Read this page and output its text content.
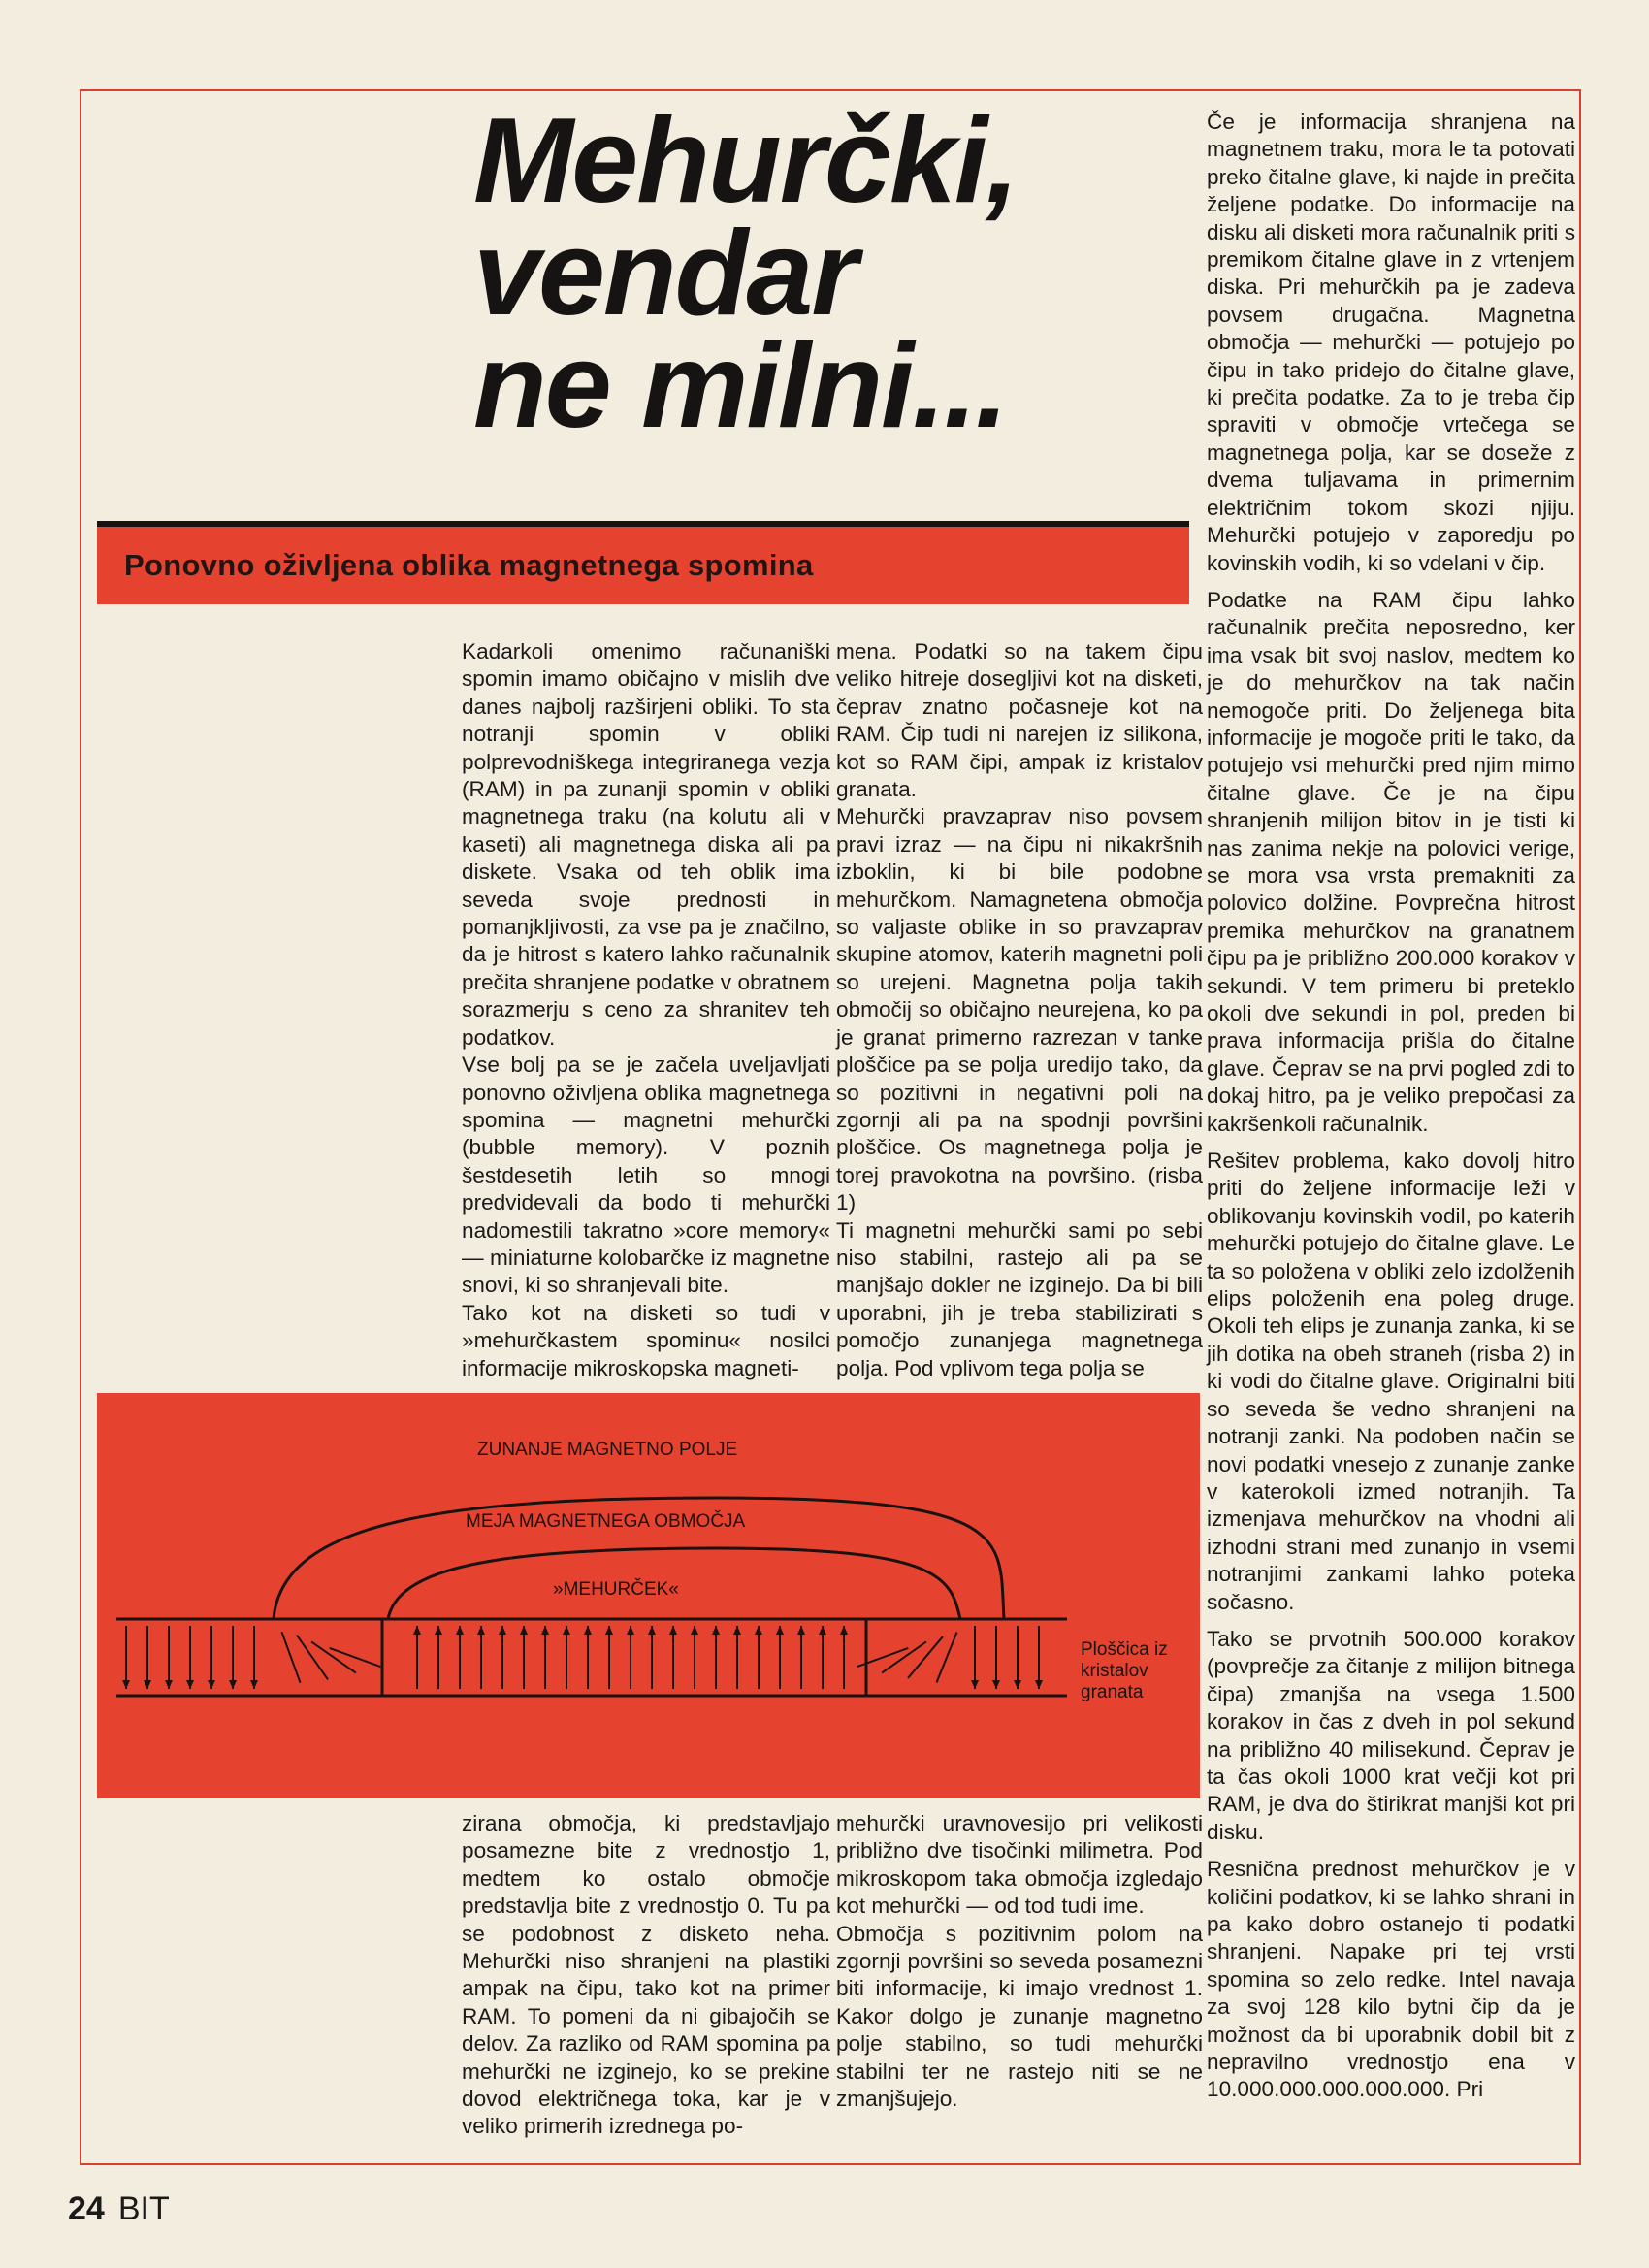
Mehurčki,
vendar
ne milni...
Ponovno oživljena oblika magnetnega spomina

Kadarkoli omenimo računaniški spomin imamo običajno v mislih dve danes najbolj razširjeni obliki. To sta notranji spomin v obliki polprevodniškega integriranega vezja (RAM) in pa zunanji spomin v obliki magnetnega traku (na kolutu ali v kaseti) ali magnetnega diska ali pa diskete. Vsaka od teh oblik ima seveda svoje prednosti in pomanjkljivosti, za vse pa je značilno, da je hitrost s katero lahko računalnik prečita shranjene podatke v obratnem sorazmerju s ceno za shranitev teh podatkov.

Vse bolj pa se je začela uveljavljati ponovno oživljena oblika magnetnega spomina — magnetni mehurčki (bubble memory). V poznih šestdesetih letih so mnogi predvidevali da bodo ti mehurčki nadomestili takratno »core memory« — miniaturne kolobarčke iz magnetne snovi, ki so shranjevali bite.

Tako kot na disketi so tudi v »mehurčkastem spominu« nosilci informacije mikroskopska magneti-

mena. Podatki so na takem čipu veliko hitreje dosegljivi kot na disketi, čeprav znatno počasneje kot na RAM. Čip tudi ni narejen iz silikona, kot so RAM čipi, ampak iz kristalov granata.

Mehurčki pravzaprav niso povsem pravi izraz — na čipu ni nikakršnih izboklin, ki bi bile podobne mehurčkom. Namagnetena območja so valjaste oblike in so pravzaprav skupine atomov, katerih magnetni poli so urejeni. Magnetna polja takih območij so običajno neurejena, ko pa je granat primerno razrezan v tanke ploščice pa se polja uredijo tako, da so pozitivni in negativni poli na zgornji ali pa na spodnji površini ploščice. Os magnetnega polja je torej pravokotna na površino. (risba 1)

Ti magnetni mehurčki sami po sebi niso stabilni, rastejo ali pa se manjšajo dokler ne izginejo. Da bi bili uporabni, jih je treba stabilizirati s pomočjo zunanjega magnetnega polja. Pod vplivom tega polja se

Če je informacija shranjena na magnetnem traku, mora le ta potovati preko čitalne glave, ki najde in prečita željene podatke. Do informacije na disku ali disketi mora računalnik priti s premikom čitalne glave in z vrtenjem diska. Pri mehurčkih pa je zadeva povsem drugačna. Magnetna območja — mehurčki — potujejo po čipu in tako pridejo do čitalne glave, ki prečita podatke. Za to je treba čip spraviti v območje vrtečega se magnetnega polja, kar se doseže z dvema tuljavama in primernim električnim tokom skozi njiju. Mehurčki potujejo v zaporedju po kovinskih vodih, ki so vdelani v čip.

Podatke na RAM čipu lahko računalnik prečita neposredno, ker ima vsak bit svoj naslov, medtem ko je do mehurčkov na tak način nemogoče priti. Do željenega bita informacije je mogoče priti le tako, da potujejo vsi mehurčki pred njim mimo čitalne glave. Če je na čipu shranjenih milijon bitov in je tisti ki nas zanima nekje na polovici verige, se mora vsa vrsta premakniti za polovico dolžine. Povprečna hitrost premika mehurčkov na granatnem čipu pa je približno 200.000 korakov v sekundi. V tem primeru bi preteklo okoli dve sekundi in pol, preden bi prava informacija prišla do čitalne glave. Čeprav se na prvi pogled zdi to dokaj hitro, pa je veliko prepočasi za kakršenkoli računalnik.

Rešitev problema, kako dovolj hitro priti do željene informacije leži v oblikovanju kovinskih vodil, po katerih mehurčki potujejo do čitalne glave. Le ta so položena v obliki zelo izdolženih elips položenih ena poleg druge. Okoli teh elips je zunanja zanka, ki se jih dotika na obeh straneh (risba 2) in ki vodi do čitalne glave. Originalni biti so seveda še vedno shranjeni na notranji zanki. Na podoben način se novi podatki vnesejo z zunanje zanke v katerokoli izmed notranjih. Ta izmenjava mehurčkov na vhodni ali izhodni strani med zunanjo in vsemi notranjimi zankami lahko poteka sočasno.

Tako se prvotnih 500.000 korakov (povprečje za čitanje z milijon bitnega čipa) zmanjša na vsega 1.500 korakov in čas z dveh in pol sekund na približno 40 milisekund. Čeprav je ta čas okoli 1000 krat večji kot pri RAM, je dva do štirikrat manjši kot pri disku.

Resnična prednost mehurčkov je v količini podatkov, ki se lahko shrani in pa kako dobro ostanejo ti podatki shranjeni. Napake pri tej vrsti spomina so zelo redke. Intel navaja za svoj 128 kilo bytni čip da je možnost da bi uporabnik dobil bit z nepravilno vrednostjo ena v 10.000.000.000.000.000. Pri

ZUNANJE MAGNETNO POLJE
MEJA MAGNETNEGA OBMOČJA
»MEHURČEK«
Ploščica iz kristalov granata

zirana območja, ki predstavljajo posamezne bite z vrednostjo 1, medtem ko ostalo območje predstavlja bite z vrednostjo 0. Tu pa se podobnost z disketo neha. Mehurčki niso shranjeni na plastiki ampak na čipu, tako kot na primer RAM. To pomeni da ni gibajočih se delov. Za razliko od RAM spomina pa mehurčki ne izginejo, ko se prekine dovod električnega toka, kar je v veliko primerih izrednega po-

mehurčki uravnovesijo pri velikosti približno dve tisočinki milimetra. Pod mikroskopom taka območja izgledajo kot mehurčki — od tod tudi ime.

Območja s pozitivnim polom na zgornji površini so seveda posamezni biti informacije, ki imajo vrednost 1. Kakor dolgo je zunanje magnetno polje stabilno, so tudi mehurčki stabilni ter ne rastejo niti se ne zmanjšujejo.

24 BIT
